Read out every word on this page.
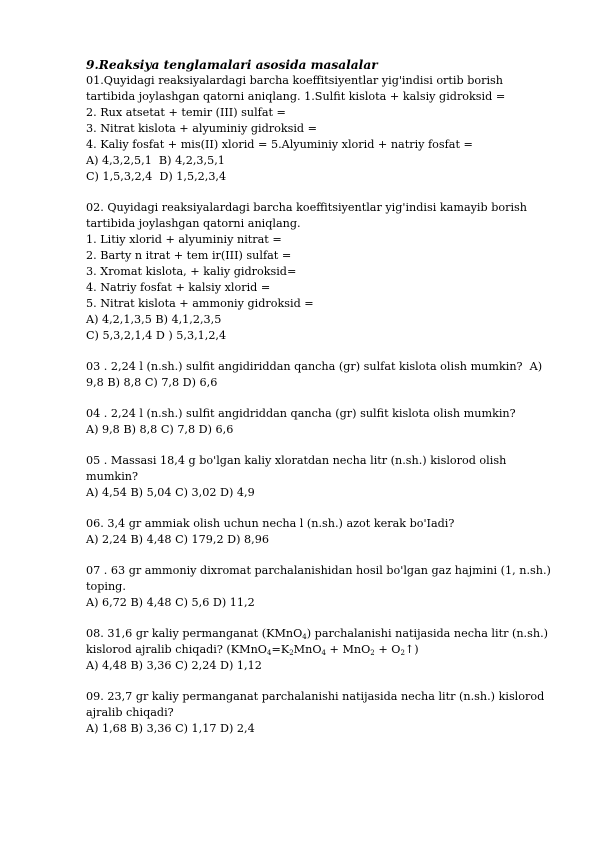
9.Reaksiya tenglamalari asosida masalalar
01.Quyidagi reaksiyalardagi barcha koeffitsiyentlar yig'indisi ortib borish
tartibida joylashgan qatorni aniqlang. 1.Sulfit kislota + kalsiy gidroksid =
2. Rux atsetat + temir (III) sulfat =
3. Nitrat kislota + alyuminiy gidroksid =
4. Kaliy fosfat + mis(II) xlorid = 5.Alyuminiy xlorid + natriy fosfat =
A) 4,3,2,5,1  B) 4,2,3,5,1
C) 1,5,3,2,4  D) 1,5,2,3,4
02. Quyidagi reaksiyalardagi barcha koeffitsiyentlar yig'indisi kamayib borish
tartibida joylashgan qatorni aniqlang.
1. Litiy xlorid + alyuminiy nitrat =
2. Barty n itrat + tem ir(III) sulfat =
3. Xromat kislota, + kaliy gidroksid=
4. Natriy fosfat + kalsiy xlorid =
5. Nitrat kislota + ammoniy gidroksid =
A) 4,2,1,3,5 B) 4,1,2,3,5
C) 5,3,2,1,4 D ) 5,3,1,2,4
03 . 2,24 l (n.sh.) sulfit angidiriddan qancha (gr) sulfat kislota olish mumkin?  A)
9,8 B) 8,8 C) 7,8 D) 6,6
04 . 2,24 l (n.sh.) sulfit angidriddan qancha (gr) sulfit kislota olish mumkin?
A) 9,8 B) 8,8 C) 7,8 D) 6,6
05 . Massasi 18,4 g bo'lgan kaliy xloratdan necha litr (n.sh.) kislorod olish
mumkin?
A) 4,54 B) 5,04 C) 3,02 D) 4,9
06. 3,4 gr ammiak olish uchun necha l (n.sh.) azot kerak bo'Iadi?
A) 2,24 B) 4,48 C) 179,2 D) 8,96
07 . 63 gr ammoniy dixromat parchalanishidan hosil bo'lgan gaz hajmini (1, n.sh.)
toping.
A) 6,72 B) 4,48 C) 5,6 D) 11,2
08. 31,6 gr kaliy permanganat (KMnO$_4$) parchalanishi natijasida necha litr (n.sh.)
kislorod ajralib chiqadi? ($KMnO_4=K_2MnO_4 + MnO_2$ + $O_2↑$)
A) 4,48 B) 3,36 C) 2,24 D) 1,12
09. 23,7 gr kaliy permanganat parchalanishi natijasida necha litr (n.sh.) kislorod
ajralib chiqadi?
A) 1,68 B) 3,36 C) 1,17 D) 2,4
